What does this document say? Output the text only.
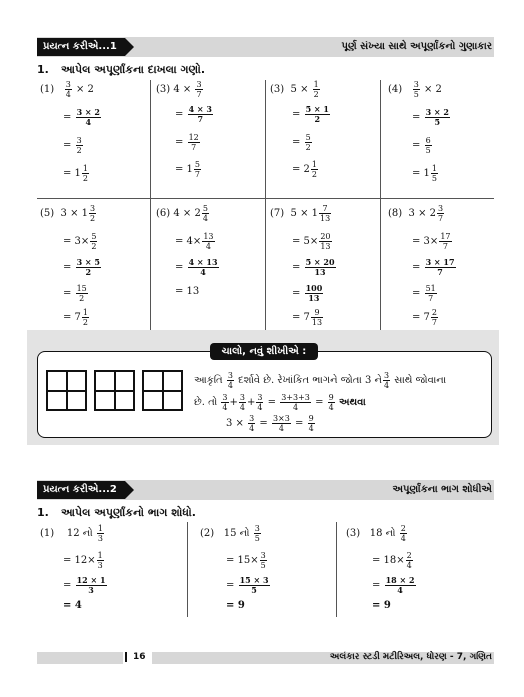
પ્રયત્ન કરીએ...1	પૂર્ણ સંખ્યા સાથે અપૂર્ણાંકનો ગુણાકાર
1. આપેલ અપૂર્ણાંકના દાખલા ગણો.
$(1) \frac{3}{4} \times 2$
= $\frac{3 \times 2}{4}$
= $\frac{3}{2}$
= $1 \frac{1}{2}$
(3) $4 \times \frac{3}{7}$
= $\frac{4 \times 3}{7}$
= $\frac{12}{7}$
= $1 \frac{5}{7}$
(3)  $5 \times \frac{1}{2}$
= $\frac{5 \times 1}{2}$
= $\frac{5}{2}$
= $2 \frac{1}{2}$
$(4) \frac{3}{5} \times 2$
= $\frac{3 \times 2}{5}$
= $\frac{6}{5}$
= $1 \frac{1}{5}$
(5)  $3 \times 1 \frac{3}{2}$
= $3\times \frac{5}{2}$
= $\frac{3 \times 5}{2}$
= $\frac{15}{2}$
= $7 \frac{1}{2}$
(6) $4 \times 2 \frac{5}{4}$
= $4\times \frac{13}{4}$
= $\frac{4 \times 13}{4}$
= 13
(7)  $5 \times 1 \frac{7}{13}$
= $5\times \frac{20}{13}$
= $\frac{5 \times 20}{13}$
= $\frac{100}{13}$
= $7 \frac{9}{13}$
(8)  $3 \times 2 \frac{3}{7}$
= $3\times \frac{17}{7}$
= $\frac{3 \times 17}{7}$
= $\frac{51}{7}$
= $7 \frac{2}{7}$
ચાલો, નવું શીખીએ :
આકૃતિ $\frac{3}{4}$ દર્શાવે છે. રેખાંકિત ભાગને જોતા 3 ને $\frac{3}{4}$ સાથે જોવાના
છે. તો $\frac{3}{4} + \frac{3}{4} + \frac{3}{4} = \frac{3+3+3}{4} = \frac{9}{4}$ અથવા
$3 \times \frac{3}{4} = \frac{3\times 3}{4} = \frac{9}{4}$
પ્રયત્ન કરીએ...2	અપૂર્ણાંકના ભાગ શોધીએ
1. આપેલ અપૂર્ણાંકનો ભાગ શોધો.
(1)    12 નો $\frac{1}{3}$
= $12\times \frac{1}{3}$
= $\frac{12 \times 1}{3}$
= 4
(2)   15 નો $\frac{3}{5}$
= $15\times \frac{3}{5}$
= $\frac{15 \times 3}{5}$
= 9
(3)   18 નો $\frac{2}{4}$
= $18\times \frac{2}{4}$
= $\frac{18 \times 2}{4}$
= 9
16	અલંકાર સ્ટડી મટીરિઅલ, ધોરણ - 7, ગણિત
